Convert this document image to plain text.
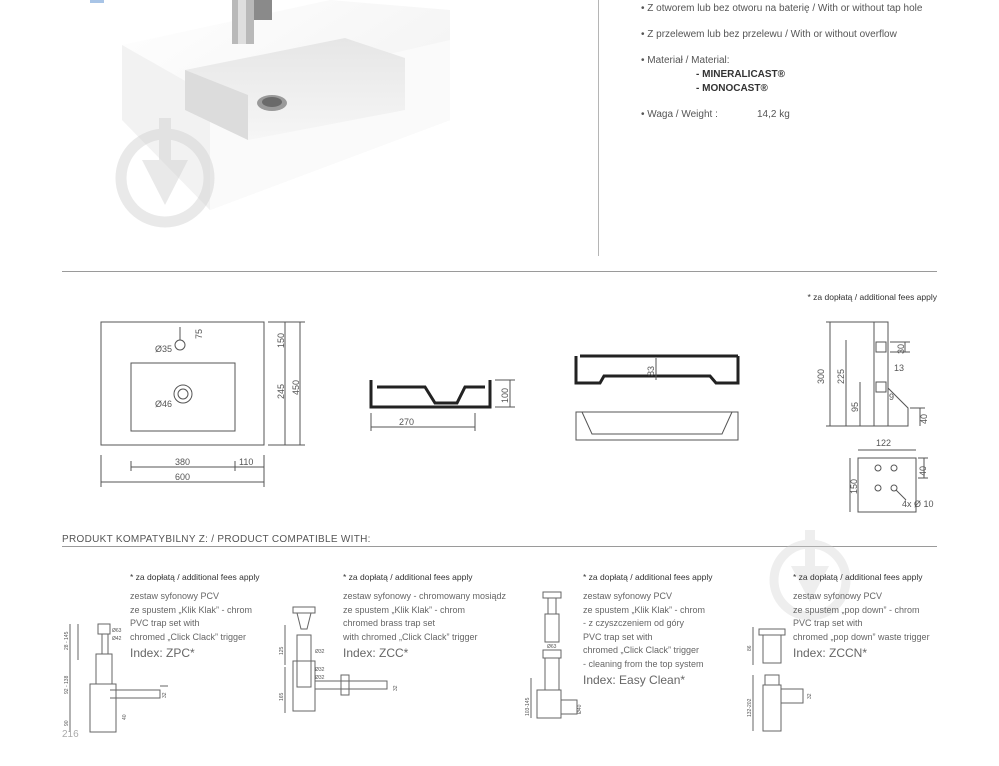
• Z otworem lub bez otworu na baterię / With or without tap hole
• Z przelewem lub bez przelewu / With or without overflow
• Materiał / Material:
- MINERALICAST®
- MONOCAST®
• Waga / Weight :	14,2 kg
* za dopłatą / additional fees apply
Ø35
Ø46
75	150
245 450
380	110
600
100
270
83	300 225
95
30
13
9
40
122
150
40
4x Ø 10
PRODUKT KOMPATYBILNY Z: / PRODUCT COMPATIBLE WITH:
28 - 145
Ø63
Ø42
92 - 138
90
40
32
* za dopłatą / additional fees apply
zestaw syfonowy PCV
ze spustem „Klik Klak” - chrom
PVC trap set with
chromed „Click Clack” trigger
Index: ZPC*	Ø32
Ø32
Ø32
32
125
165
* za dopłatą / additional fees apply
zestaw syfonowy - chromowany mosiądz
ze spustem „Klik Klak” - chrom
chromed brass trap set
with chromed „Click Clack” trigger
Index: ZCC*	Ø63
103-145	Ø40
* za dopłatą / additional fees apply
zestaw syfonowy PCV
ze spustem „Klik Klak” - chrom
- z czyszczeniem od góry
PVC trap set with
chromed „Click Clack” trigger
- cleaning from the top system
Index: Easy Clean*
86
132-202
32
* za dopłatą / additional fees apply
zestaw syfonowy PCV
ze spustem „pop down” - chrom
PVC trap set with
chromed „pop down” waste trigger
Index: ZCCN*
216
